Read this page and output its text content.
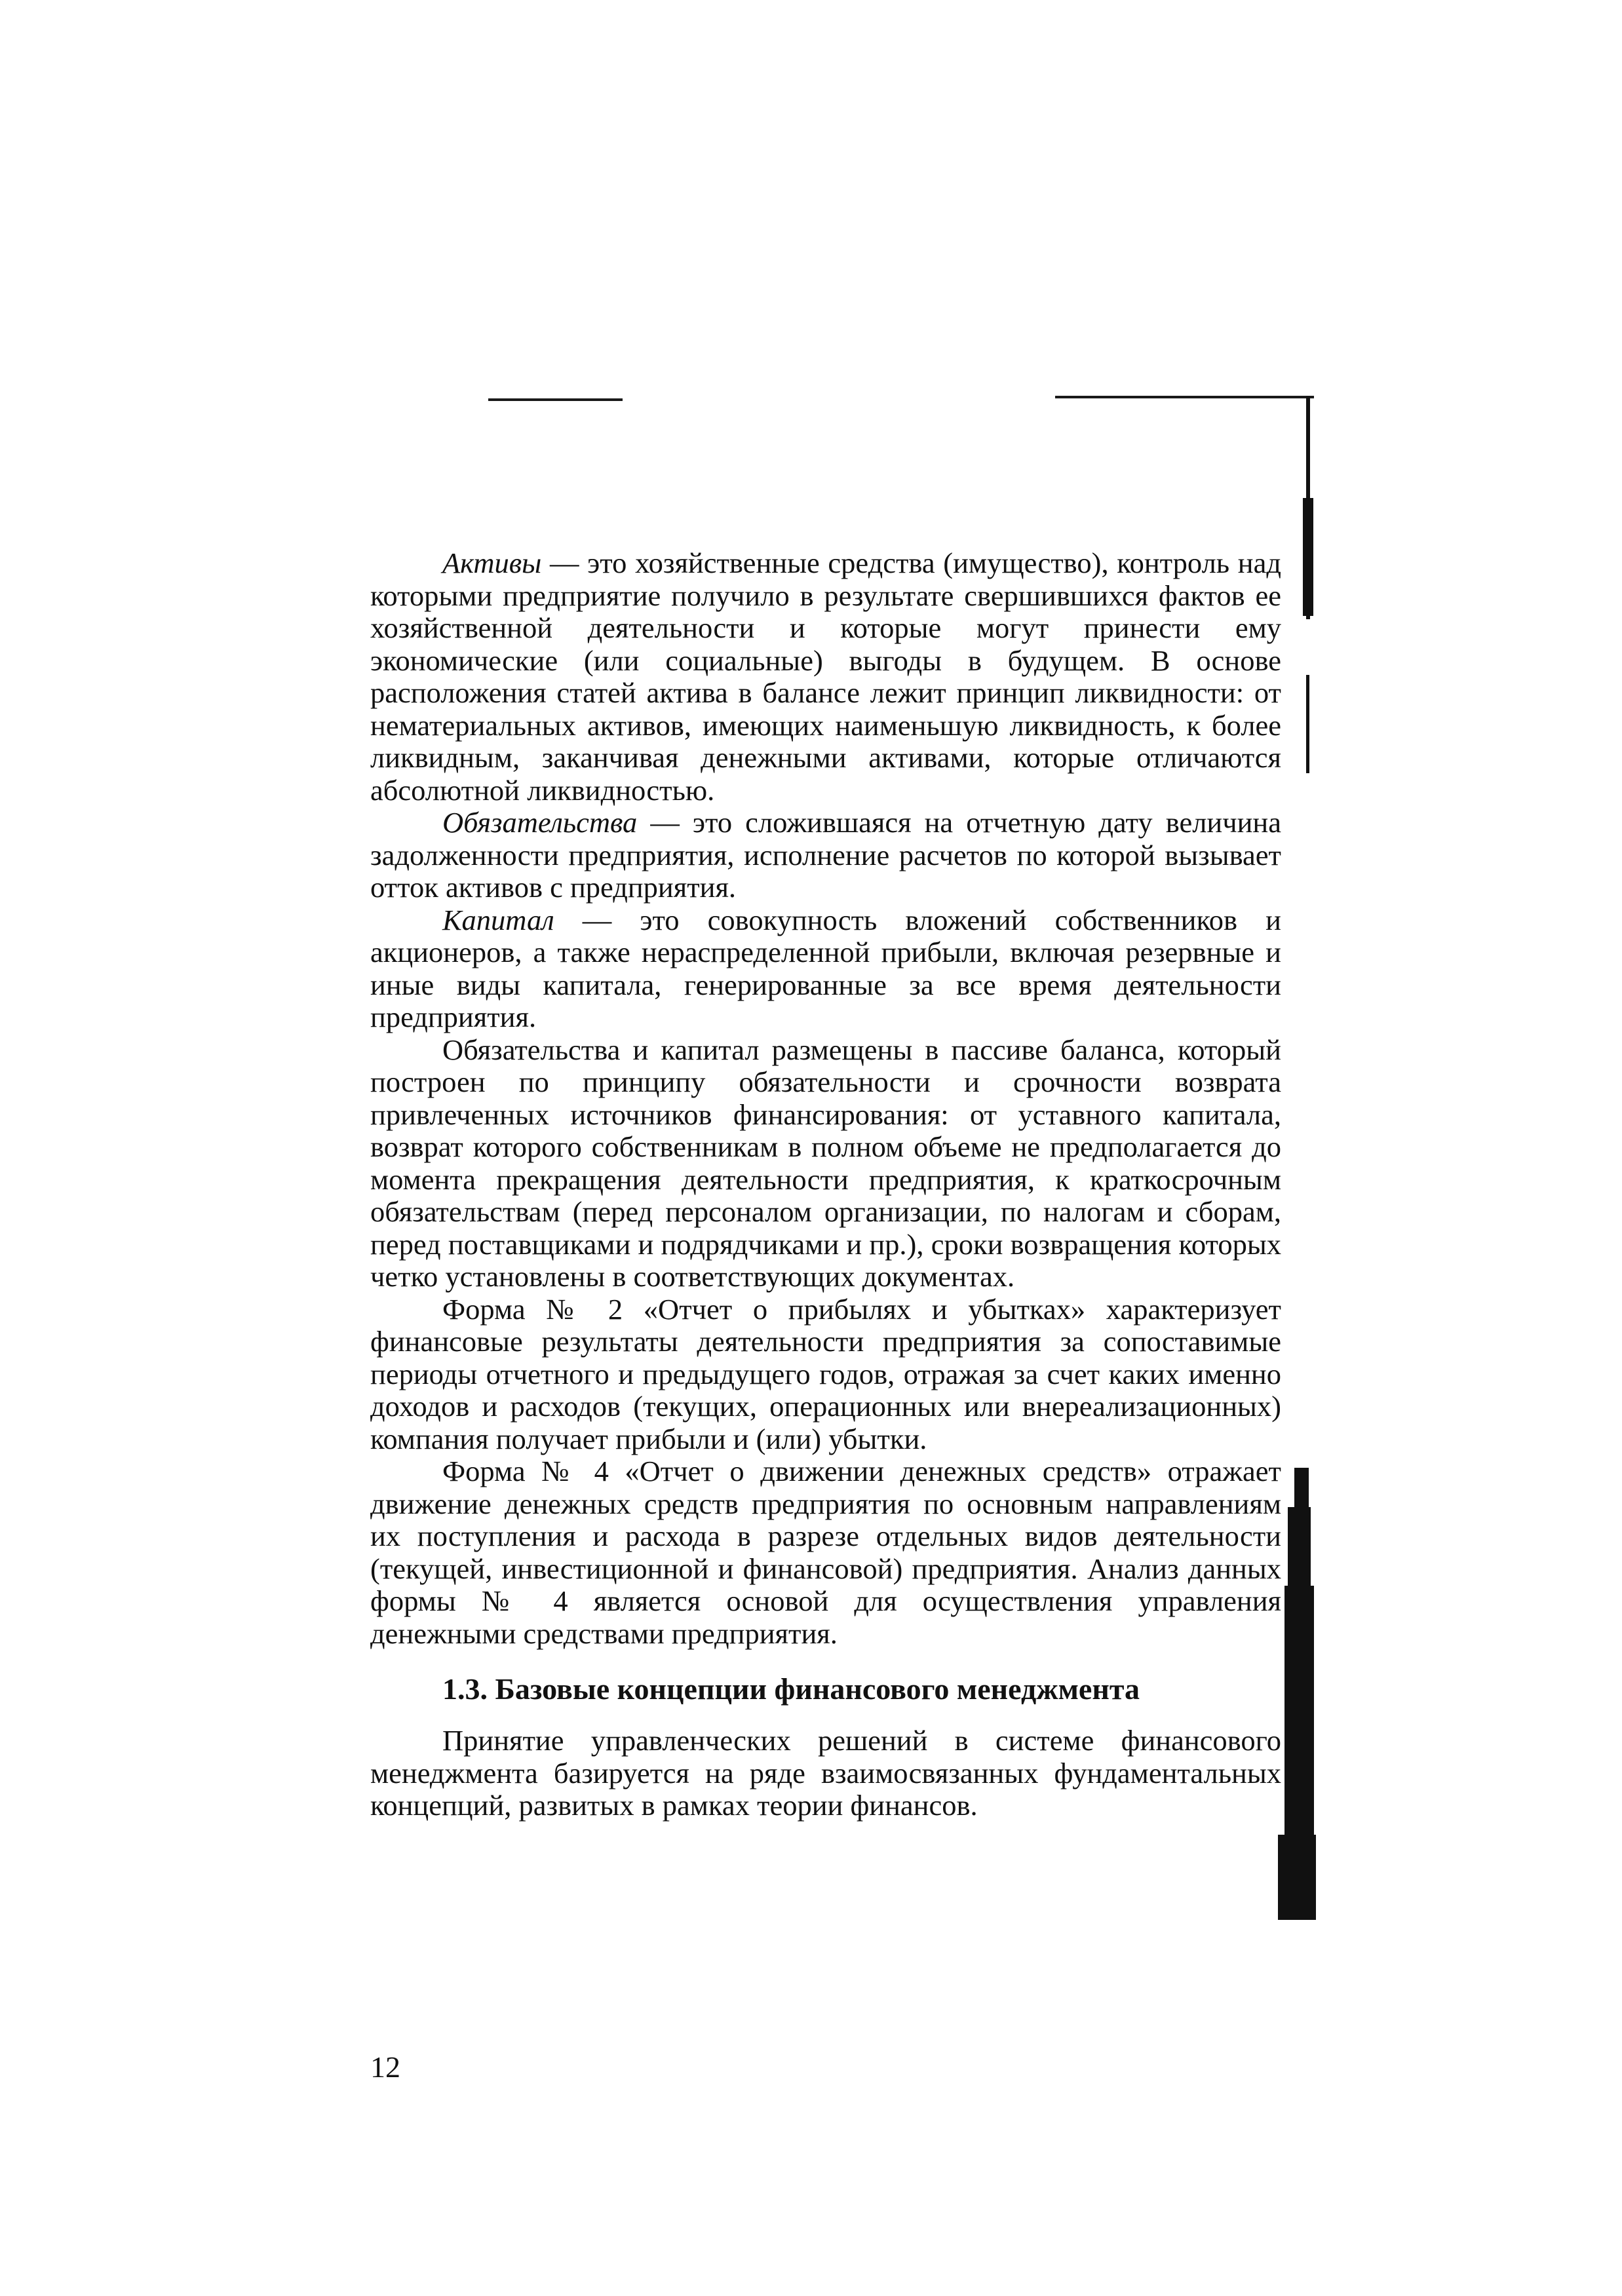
Активы — это хозяйственные средства (имущество), контроль над которыми предприятие получило в результате свершившихся фактов ее хозяйственной деятельности и которые могут принести ему экономические (или социальные) выгоды в будущем. В основе расположения статей актива в балансе лежит принцип ликвидности: от нематериальных активов, имеющих наименьшую ликвидность, к более ликвидным, заканчивая денежными активами, которые отличаются абсолютной ликвидностью.

Обязательства — это сложившаяся на отчетную дату величина задолженности предприятия, исполнение расчетов по которой вызывает отток активов с предприятия.

Капитал — это совокупность вложений собственников и акционеров, а также нераспределенной прибыли, включая резервные и иные виды капитала, генерированные за все время деятельности предприятия.

Обязательства и капитал размещены в пассиве баланса, который построен по принципу обязательности и срочности возврата привлеченных источников финансирования: от уставного капитала, возврат которого собственникам в полном объеме не предполагается до момента прекращения деятельности предприятия, к краткосрочным обязательствам (перед персоналом организации, по налогам и сборам, перед поставщиками и подрядчиками и пр.), сроки возвращения которых четко установлены в соответствующих документах.

Форма № 2 «Отчет о прибылях и убытках» характеризует финансовые результаты деятельности предприятия за сопоставимые периоды отчетного и предыдущего годов, отражая за счет каких именно доходов и расходов (текущих, операционных или внереализационных) компания получает прибыли и (или) убытки.

Форма № 4 «Отчет о движении денежных средств» отражает движение денежных средств предприятия по основным направлениям их поступления и расхода в разрезе отдельных видов деятельности (текущей, инвестиционной и финансовой) предприятия. Анализ данных формы № 4 является основой для осуществления управления денежными средствами предприятия.

1.3. Базовые концепции финансового менеджмента

Принятие управленческих решений в системе финансового менеджмента базируется на ряде взаимосвязанных фундаментальных концепций, развитых в рамках теории финансов.

12
